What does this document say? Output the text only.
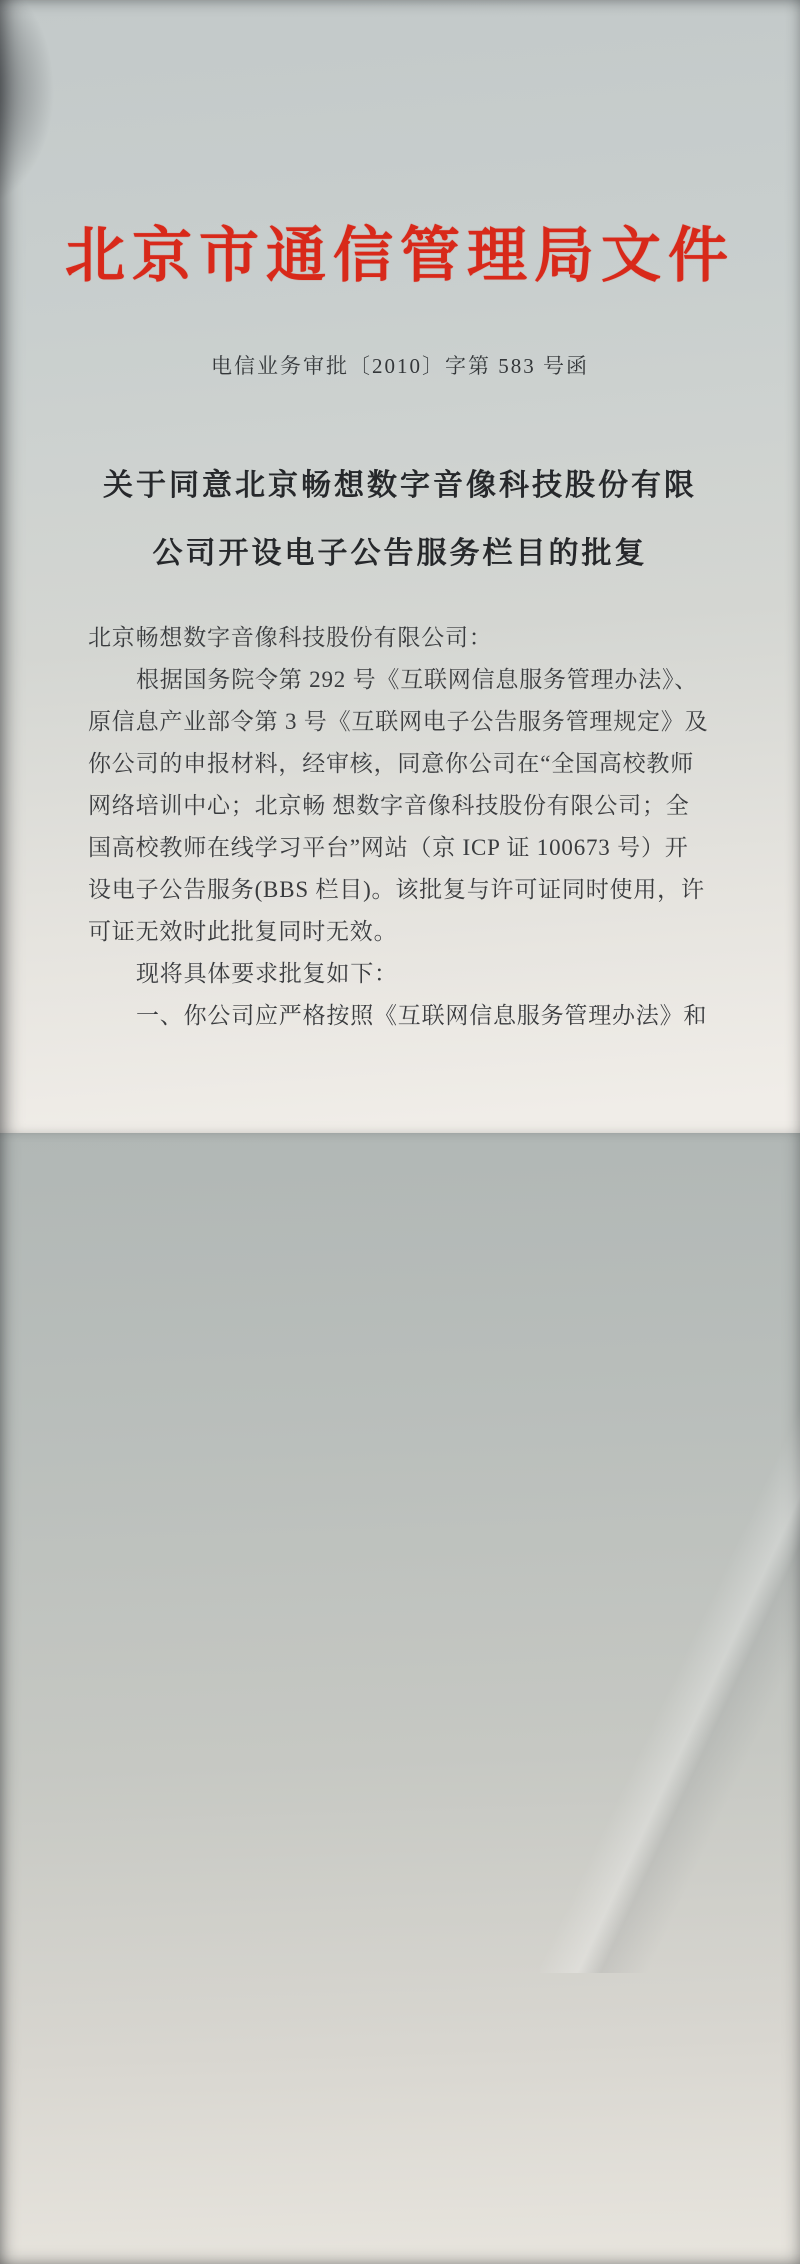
北京市通信管理局文件
电信业务审批〔2010〕字第 583 号函
关于同意北京畅想数字音像科技股份有限
公司开设电子公告服务栏目的批复
北京畅想数字音像科技股份有限公司：
根据国务院令第 292 号《互联网信息服务管理办法》、
原信息产业部令第 3 号《互联网电子公告服务管理规定》及
你公司的申报材料，经审核，同意你公司在“全国高校教师
网络培训中心；北京畅 想数字音像科技股份有限公司；全
国高校教师在线学习平台”网站（京 ICP 证 100673 号）开
设电子公告服务(BBS 栏目)。该批复与许可证同时使用，许
可证无效时此批复同时无效。
现将具体要求批复如下：
一、你公司应严格按照《互联网信息服务管理办法》和
